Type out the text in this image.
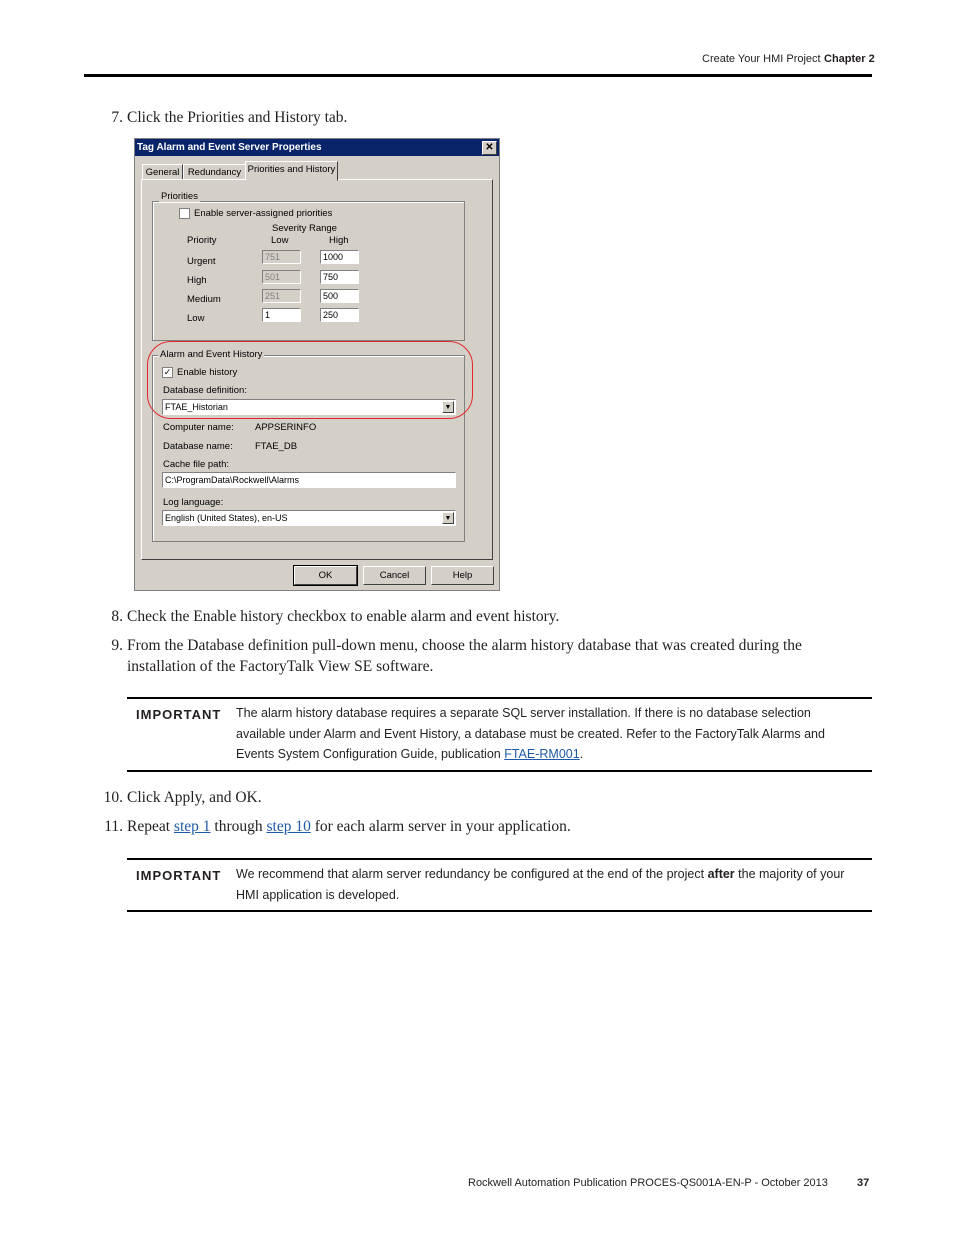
Create Your HMI Project Chapter 2
7. Click the Priorities and History tab.
Tag Alarm and Event Server Properties	✕
General Redundancy Priorities and History
Priorities
Enable server-assigned priorities
Severity Range
Priority	Low	High
Urgent	751	1000
High	501	750
Medium	251	500
Low	1	250
Alarm and Event History
✓ Enable history
Database definition:
FTAE_Historian	▼
Computer name: APPSERINFO
Database name: FTAE_DB
Cache file path:
C:\ProgramData\Rockwell\Alarms
Log language:
English (United States), en-US	▼
OK	Cancel	Help
8. Check the Enable history checkbox to enable alarm and event history.
9. From the Database definition pull-down menu, choose the alarm history database that was created during the installation of the FactoryTalk View SE software.
IMPORTANT The alarm history database requires a separate SQL server installation. If there is no database selection available under Alarm and Event History, a database must be created. Refer to the FactoryTalk Alarms and Events System Configuration Guide, publication FTAE-RM001.
10. Click Apply, and OK.
11. Repeat step 1 through step 10 for each alarm server in your application.
IMPORTANT We recommend that alarm server redundancy be configured at the end of the project after the majority of your HMI application is developed.
Rockwell Automation Publication PROCES-QS001A-EN-P - October 2013	37
